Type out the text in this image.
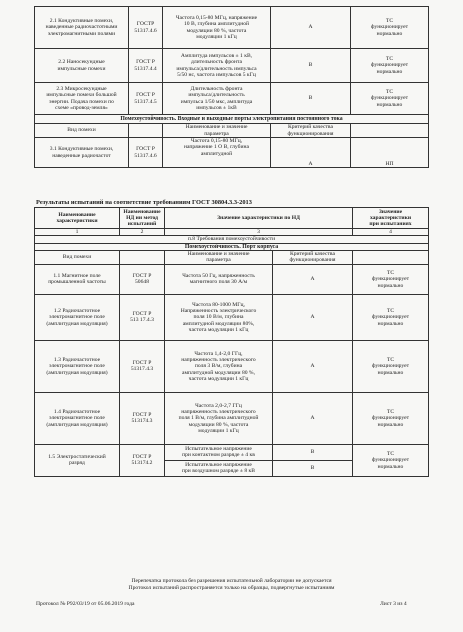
2.1 Кондуктивные помехи,
наведенные радиочастотными
электромагнитными полями	ГОСТР
51317.4.6	Частота 0,15-80 МГц, напряжение
10 В, глубина амплитудной
модуляции 80 %, частота
модуляции 1 кГц	А	ТС
функционирует
нормально
2.2 Наносекундные
импульсные помехи	ГОСТ Р
51317.4.4	Амплитуда импульсов ± 1 кВ,
длительность фронта
импульса/длительность импульса
5/50 нс, частота импульсов 5 кГц	В	ТС
функционирует
нормально
2.3 Микросекундные
импульсные помехи большой
энергии. Подача помехи по
схеме «провод-земля»	ГОСТ Р
51317.4.5	Длительность фронта
импульса/длительность
импульса 1/50 мкс, амплитуда
импульсов ± 1кВ	В	ТС
функционирует
нормально
Помехоустойчивость. Входные и выходные порты электропитания постоянного тока				
Вид помехи		Наименование и значение
параметра	Критерий качества
функционирования	
3.1 Кондуктивные помехи,
наведенные радиочастот	ГОСТ Р
51317.4.6	Частота 0,15-80 МГц,
напряжение 1 О В, глубина
амплитудной	А	НП
Результаты испытаний на соответствие требованиям ГОСТ 30804.3.3-2013
Наименование
характеристики	Наименование
НД ии метод
испытаний	Значение характеристики по НД		Значение
характеристики
при испытаниях
1	2	3		4
п.8 Требования помехоустойчивости				
Помехоустойчивость. Порт корпуса				
Вид помехи		Наименование и значение
параметра	Критерий качества
функционирования	
1.1 Магнитное поле
промышленной частоты	ГОСТ Р
50648	Частота 50 Гц, напряженность
магнитного поля 30 А/м	А	ТС
функционирует
нормально
1.2 Радиочастотное
электромагнитное поле
(амплитудная модуляция)	ГОСТ Р
513 17.4.3	Частота 80-1000 МГц,
Напряженность электрического
поля 10 В/м, глубина
амплитудной модуляции 80%,
частота модуляции 1 кГц	А	ТС
функционирует
нормально
1.3 Радиочастотное
электромагнитное поле
(амплитудная модуляция)	ГОСТ Р
51317.4.3	Частота 1,4-2,0 ГГц,
напряженность электрического
поля 3 В/м, глубина
амплитудной модуляции 80 %,
частота модуляции 1 кГц	А	ТС
функционирует
нормально
1.4 Радиочастотное
электромагнитное поле
(амплитудная модуляция)	ГОСТ Р
513174.3	Частота 2,0-2,7 ГГц
напряженность электрического
поля 1 В/м, глубина амплитудной
модуляции 80 %, частота
модуляции 1 кГц	А	ТС
функционирует
нормально
1.5 Электростатический
разряд	ГОСТ Р
513174.2	Испытательное напряжение
при контактном разряде ± 4 кв	В	ТС
функционирует
нормально
		Испытательное напряжение
при воздушном разряде ± 8 кВ	В	
Перепечатка протокола без разрешения испытательной лаборатории не допускается
Протокол испытаний распространяется только на образцы, подвергнутые испытаниям
Протокол № Р92/03/19 от 05.06.2019 года	Лист 3 из 4
